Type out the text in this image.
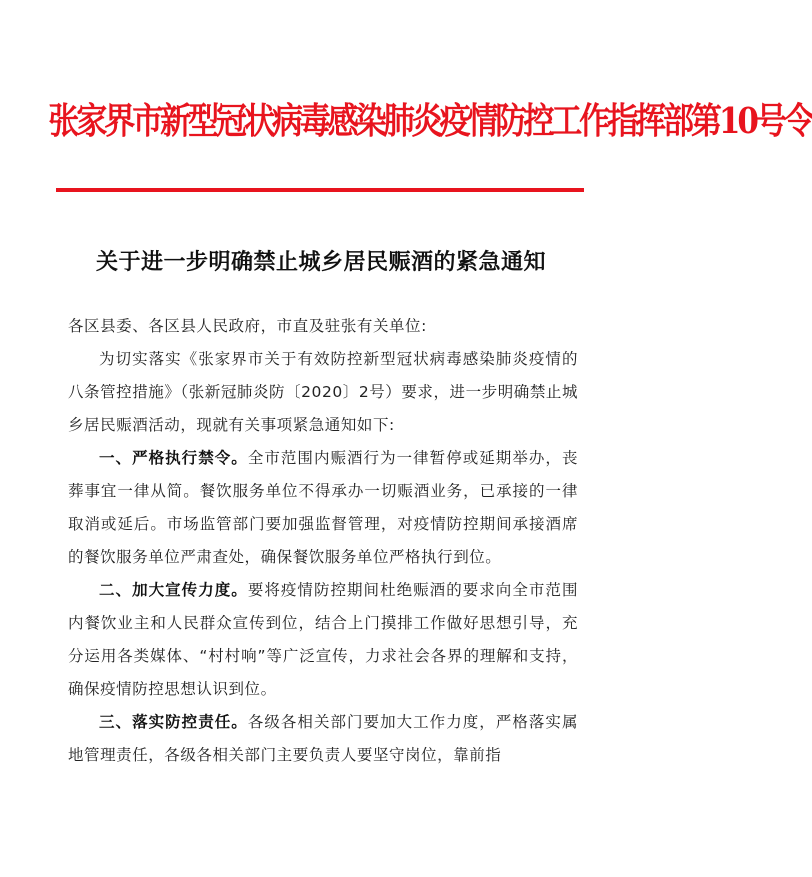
张家界市新型冠状病毒感染肺炎疫情防控工作指挥部第10号令
关于进一步明确禁止城乡居民赈酒的紧急通知

各区县委、各区县人民政府，市直及驻张有关单位:

为切实落实《张家界市关于有效防控新型冠状病毒感染肺炎疫情的八条管控措施》（张新冠肺炎防〔2020〕2号）要求，进一步明确禁止城乡居民赈酒活动，现就有关事项紧急通知如下:

一、严格执行禁令。全市范围内赈酒行为一律暂停或延期举办，丧葬事宜一律从简。餐饮服务单位不得承办一切赈酒业务，已承接的一律取消或延后。市场监管部门要加强监督管理，对疫情防控期间承接酒席的餐饮服务单位严肃查处，确保餐饮服务单位严格执行到位。

二、加大宣传力度。要将疫情防控期间杜绝赈酒的要求向全市范围内餐饮业主和人民群众宣传到位，结合上门摸排工作做好思想引导，充分运用各类媒体、“村村响”等广泛宣传，力求社会各界的理解和支持，确保疫情防控思想认识到位。

三、落实防控责任。各级各相关部门要加大工作力度，严格落实属地管理责任，各级各相关部门主要负责人要坚守岗位，靠前指
